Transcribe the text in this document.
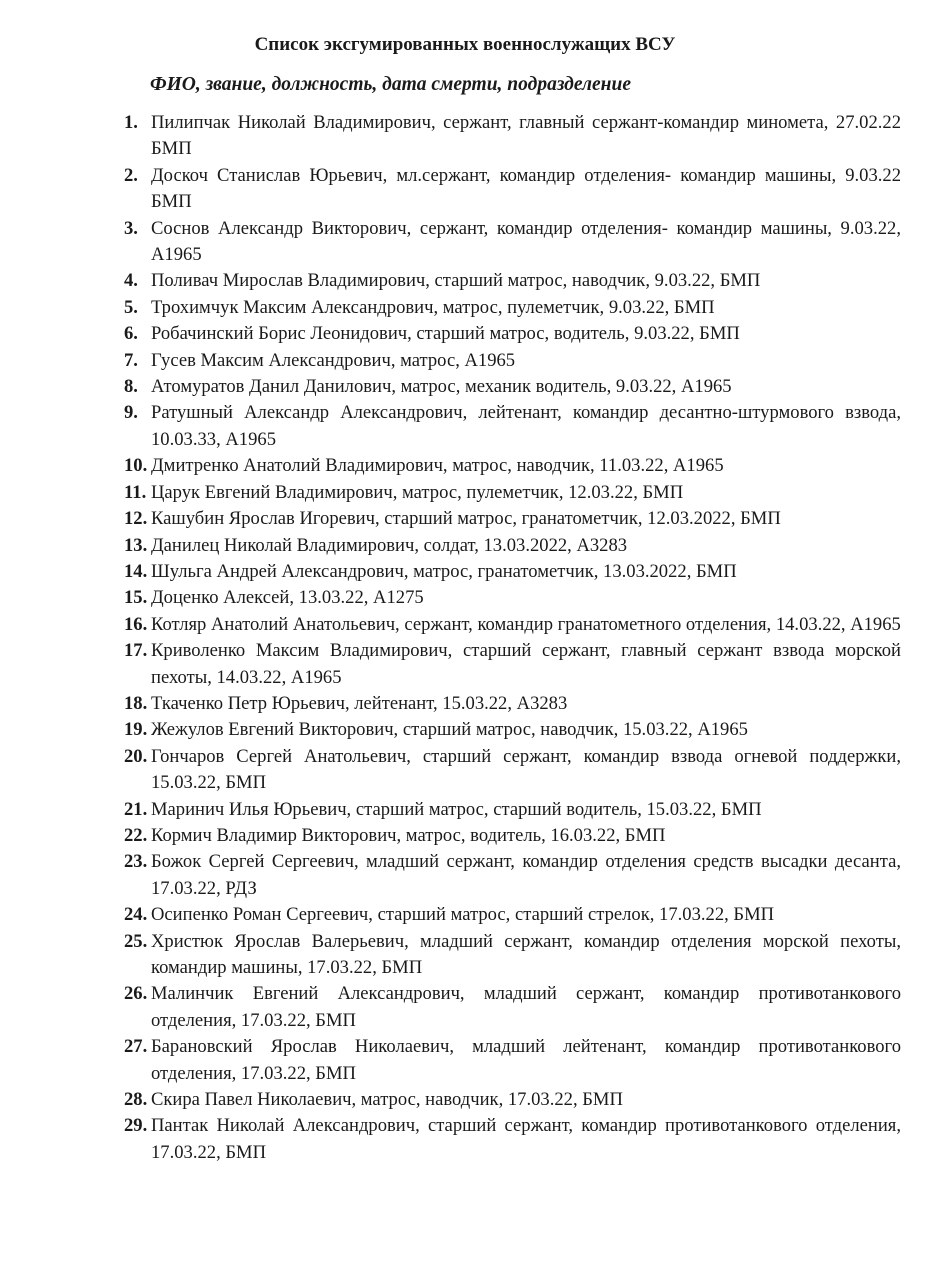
Список эксгумированных военнослужащих ВСУ
ФИО, звание, должность, дата смерти, подразделение
1. Пилипчак Николай Владимирович, сержант, главный сержант-командир миномета, 27.02.22 БМП
2. Доскоч Станислав Юрьевич, мл.сержант, командир отделения- командир машины, 9.03.22 БМП
3. Соснов Александр Викторович, сержант, командир отделения- командир машины, 9.03.22, А1965
4. Поливач Мирослав Владимирович, старший матрос, наводчик, 9.03.22, БМП
5. Трохимчук Максим Александрович, матрос, пулеметчик, 9.03.22, БМП
6. Робачинский Борис Леонидович, старший матрос, водитель, 9.03.22, БМП
7. Гусев Максим Александрович, матрос, А1965
8. Атомуратов Данил Данилович, матрос, механик водитель, 9.03.22, А1965
9. Ратушный Александр Александрович, лейтенант, командир десантно-штурмового взвода, 10.03.33, А1965
10. Дмитренко Анатолий Владимирович, матрос, наводчик, 11.03.22, А1965
11. Царук Евгений Владимирович, матрос, пулеметчик, 12.03.22, БМП
12. Кашубин Ярослав Игоревич, старший матрос, гранатометчик, 12.03.2022, БМП
13. Данилец Николай Владимирович, солдат, 13.03.2022, А3283
14. Шульга Андрей Александрович, матрос, гранатометчик, 13.03.2022, БМП
15. Доценко Алексей, 13.03.22, А1275
16. Котляр Анатолий Анатольевич, сержант, командир гранатометного отделения, 14.03.22, А1965
17. Криволенко Максим Владимирович, старший сержант, главный сержант взвода морской пехоты, 14.03.22, А1965
18. Ткаченко Петр Юрьевич, лейтенант, 15.03.22, А3283
19. Жежулов Евгений Викторович, старший матрос, наводчик, 15.03.22, А1965
20. Гончаров Сергей Анатольевич, старший сержант, командир взвода огневой поддержки, 15.03.22, БМП
21. Маринич Илья Юрьевич, старший матрос, старший водитель, 15.03.22, БМП
22. Кормич Владимир Викторович, матрос, водитель, 16.03.22, БМП
23. Божок Сергей Сергеевич, младший сержант, командир отделения средств высадки десанта, 17.03.22, РДЗ
24. Осипенко Роман Сергеевич, старший матрос, старший стрелок, 17.03.22, БМП
25. Христюк Ярослав Валерьевич, младший сержант, командир отделения морской пехоты, командир машины, 17.03.22, БМП
26. Малинчик Евгений Александрович, младший сержант, командир противотанкового отделения, 17.03.22, БМП
27. Барановский Ярослав Николаевич, младший лейтенант, командир противотанкового отделения, 17.03.22, БМП
28. Скира Павел Николаевич, матрос, наводчик, 17.03.22, БМП
29. Пантак Николай Александрович, старший сержант, командир противотанкового отделения, 17.03.22, БМП
